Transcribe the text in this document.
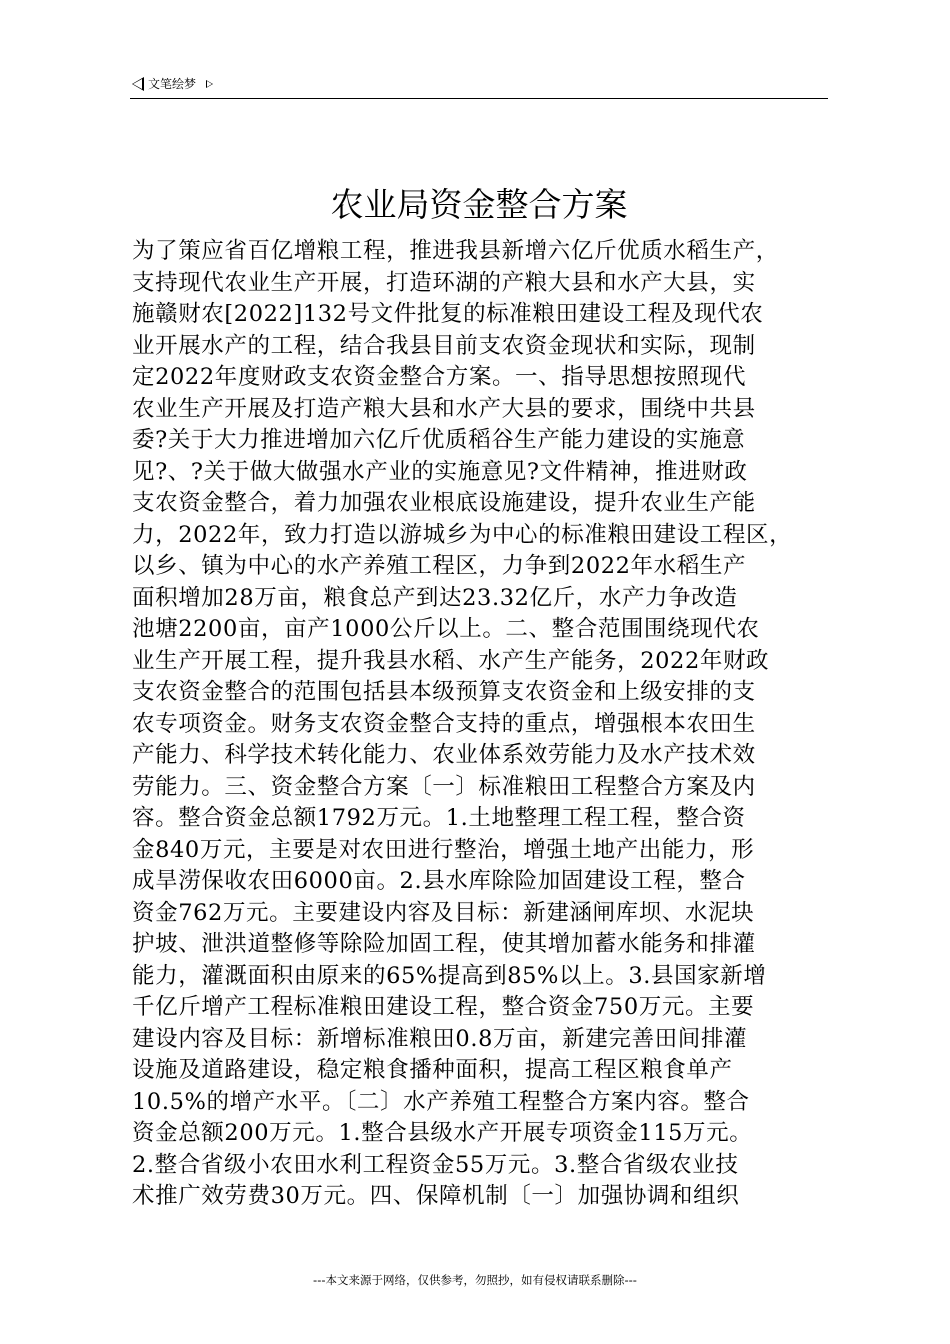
文笔绘梦
农业局资金整合方案
为了策应省百亿增粮工程，推进我县新增六亿斤优质水稻生产，
支持现代农业生产开展，打造环湖的产粮大县和水产大县，实
施赣财农[2022]132号文件批复的标准粮田建设工程及现代农
业开展水产的工程，结合我县目前支农资金现状和实际，现制
定2022年度财政支农资金整合方案。一、指导思想按照现代
农业生产开展及打造产粮大县和水产大县的要求，围绕中共县
委?关于大力推进增加六亿斤优质稻谷生产能力建设的实施意
见?、?关于做大做强水产业的实施意见?文件精神，推进财政
支农资金整合，着力加强农业根底设施建设，提升农业生产能
力，2022年，致力打造以游城乡为中心的标准粮田建设工程区，
以乡、镇为中心的水产养殖工程区，力争到2022年水稻生产
面积增加28万亩，粮食总产到达23.32亿斤，水产力争改造
池塘2200亩，亩产1000公斤以上。二、整合范围围绕现代农
业生产开展工程，提升我县水稻、水产生产能务，2022年财政
支农资金整合的范围包括县本级预算支农资金和上级安排的支
农专项资金。财务支农资金整合支持的重点，增强根本农田生
产能力、科学技术转化能力、农业体系效劳能力及水产技术效
劳能力。三、资金整合方案〔一〕标准粮田工程整合方案及内
容。整合资金总额1792万元。1.土地整理工程工程，整合资
金840万元，主要是对农田进行整治，增强土地产出能力，形
成旱涝保收农田6000亩。2.县水库除险加固建设工程，整合
资金762万元。主要建设内容及目标：新建涵闸库坝、水泥块
护坡、泄洪道整修等除险加固工程，使其增加蓄水能务和排灌
能力，灌溉面积由原来的65%提高到85%以上。3.县国家新增
千亿斤增产工程标准粮田建设工程，整合资金750万元。主要
建设内容及目标：新增标准粮田0.8万亩，新建完善田间排灌
设施及道路建设，稳定粮食播种面积，提高工程区粮食单产
10.5%的增产水平。〔二〕水产养殖工程整合方案内容。整合
资金总额200万元。1.整合县级水产开展专项资金115万元。
2.整合省级小农田水利工程资金55万元。3.整合省级农业技
术推广效劳费30万元。四、保障机制〔一〕加强协调和组织
---本文来源于网络，仅供参考，勿照抄，如有侵权请联系删除---
